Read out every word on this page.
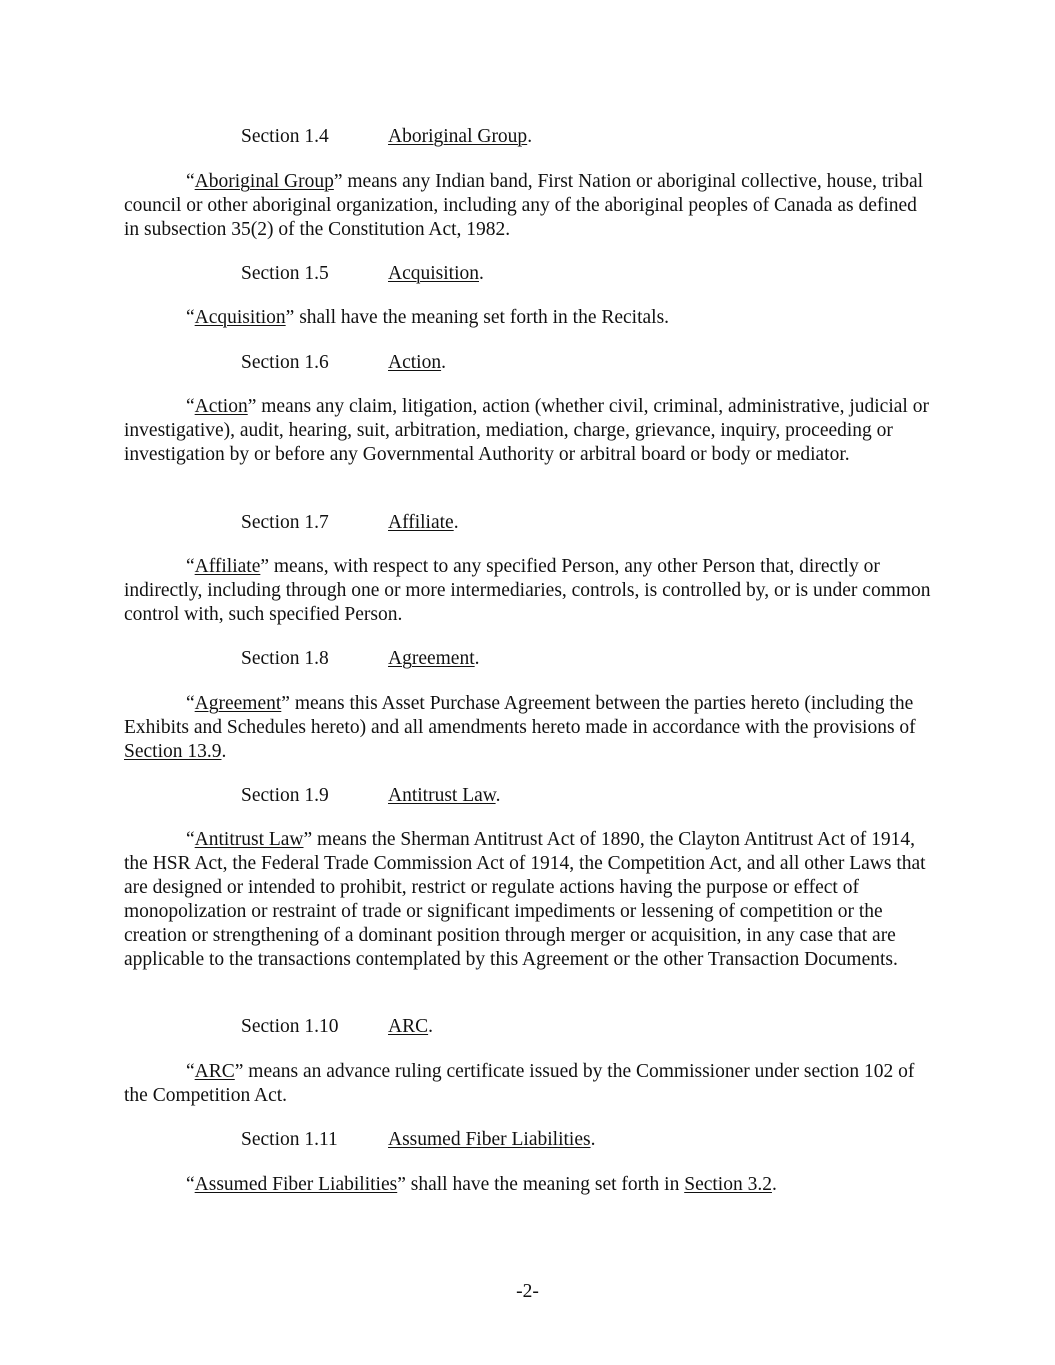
Section 1.4	Aboriginal Group.
“Aboriginal Group” means any Indian band, First Nation or aboriginal collective, house, tribal council or other aboriginal organization, including any of the aboriginal peoples of Canada as defined in subsection 35(2) of the Constitution Act, 1982.
Section 1.5	Acquisition.
“Acquisition” shall have the meaning set forth in the Recitals.
Section 1.6	Action.
“Action” means any claim, litigation, action (whether civil, criminal, administrative, judicial or investigative), audit, hearing, suit, arbitration, mediation, charge, grievance, inquiry, proceeding or investigation by or before any Governmental Authority or arbitral board or body or mediator.
Section 1.7	Affiliate.
“Affiliate” means, with respect to any specified Person, any other Person that, directly or indirectly, including through one or more intermediaries, controls, is controlled by, or is under common control with, such specified Person.
Section 1.8	Agreement.
“Agreement” means this Asset Purchase Agreement between the parties hereto (including the Exhibits and Schedules hereto) and all amendments hereto made in accordance with the provisions of Section 13.9.
Section 1.9	Antitrust Law.
“Antitrust Law” means the Sherman Antitrust Act of 1890, the Clayton Antitrust Act of 1914, the HSR Act, the Federal Trade Commission Act of 1914, the Competition Act, and all other Laws that are designed or intended to prohibit, restrict or regulate actions having the purpose or effect of monopolization or restraint of trade or significant impediments or lessening of competition or the creation or strengthening of a dominant position through merger or acquisition, in any case that are applicable to the transactions contemplated by this Agreement or the other Transaction Documents.
Section 1.10	ARC.
“ARC” means an advance ruling certificate issued by the Commissioner under section 102 of the Competition Act.
Section 1.11	Assumed Fiber Liabilities.
“Assumed Fiber Liabilities” shall have the meaning set forth in Section 3.2.
-2-
